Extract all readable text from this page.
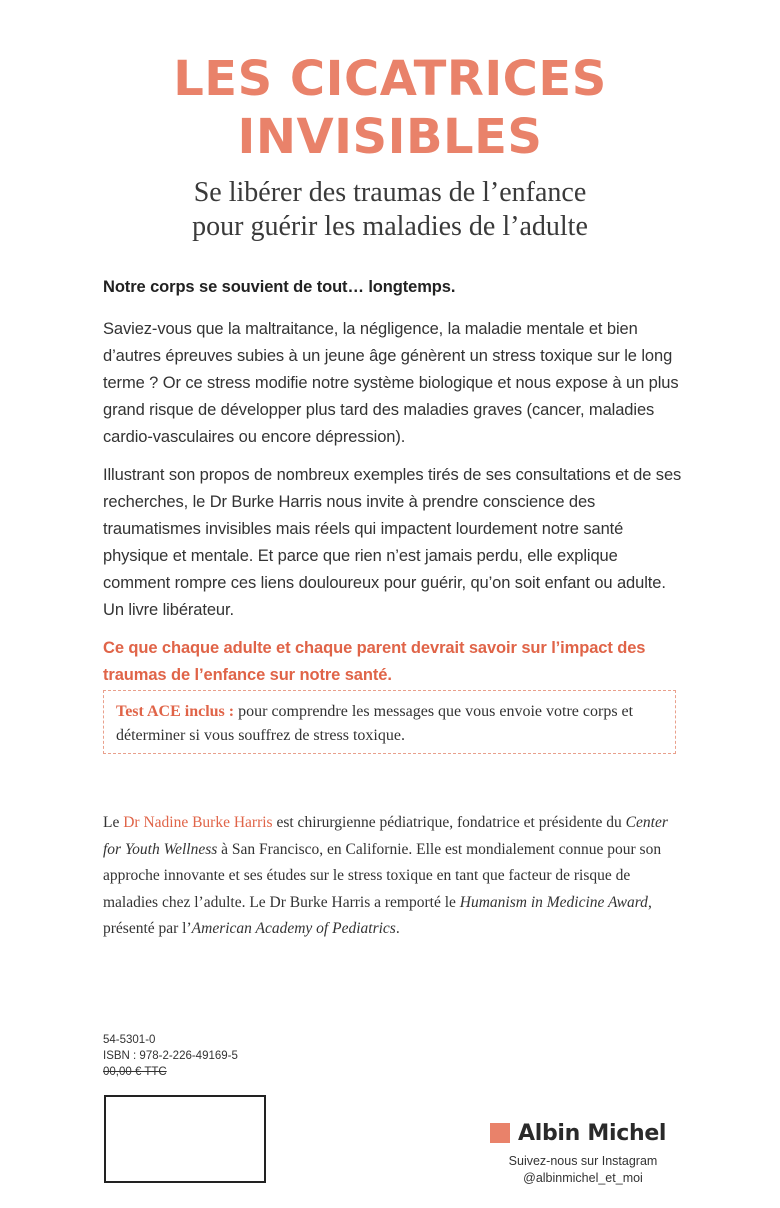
LES CICATRICES
INVISIBLES
Se libérer des traumas de l’enfance
pour guérir les maladies de l’adulte

Notre corps se souvient de tout… longtemps.

Saviez-vous que la maltraitance, la négligence, la maladie mentale et bien d’autres épreuves subies à un jeune âge génèrent un stress toxique sur le long terme ? Or ce stress modifie notre système biologique et nous expose à un plus grand risque de développer plus tard des maladies graves (cancer, maladies cardio-vasculaires ou encore dépression).

Illustrant son propos de nombreux exemples tirés de ses consultations et de ses recherches, le Dr Burke Harris nous invite à prendre conscience des traumatismes invisibles mais réels qui impactent lourdement notre santé physique et mentale. Et parce que rien n’est jamais perdu, elle explique comment rompre ces liens douloureux pour guérir, qu’on soit enfant ou adulte. Un livre libérateur.

Ce que chaque adulte et chaque parent devrait savoir sur l’impact des traumas de l’enfance sur notre santé.

Test ACE inclus : pour comprendre les messages que vous envoie votre corps et déterminer si vous souffrez de stress toxique.
Le Dr Nadine Burke Harris est chirurgienne pédiatrique, fondatrice et présidente du Center for Youth Wellness à San Francisco, en Californie. Elle est mondialement connue pour son approche innovante et ses études sur le stress toxique en tant que facteur de risque de maladies chez l’adulte. Le Dr Burke Harris a remporté le Humanism in Medicine Award, présenté par l’American Academy of Pediatrics.
54-5301-0
ISBN : 978-2-226-49169-5
00,00 € TTC
Albin Michel
Suivez-nous sur Instagram
@albinmichel_et_moi
